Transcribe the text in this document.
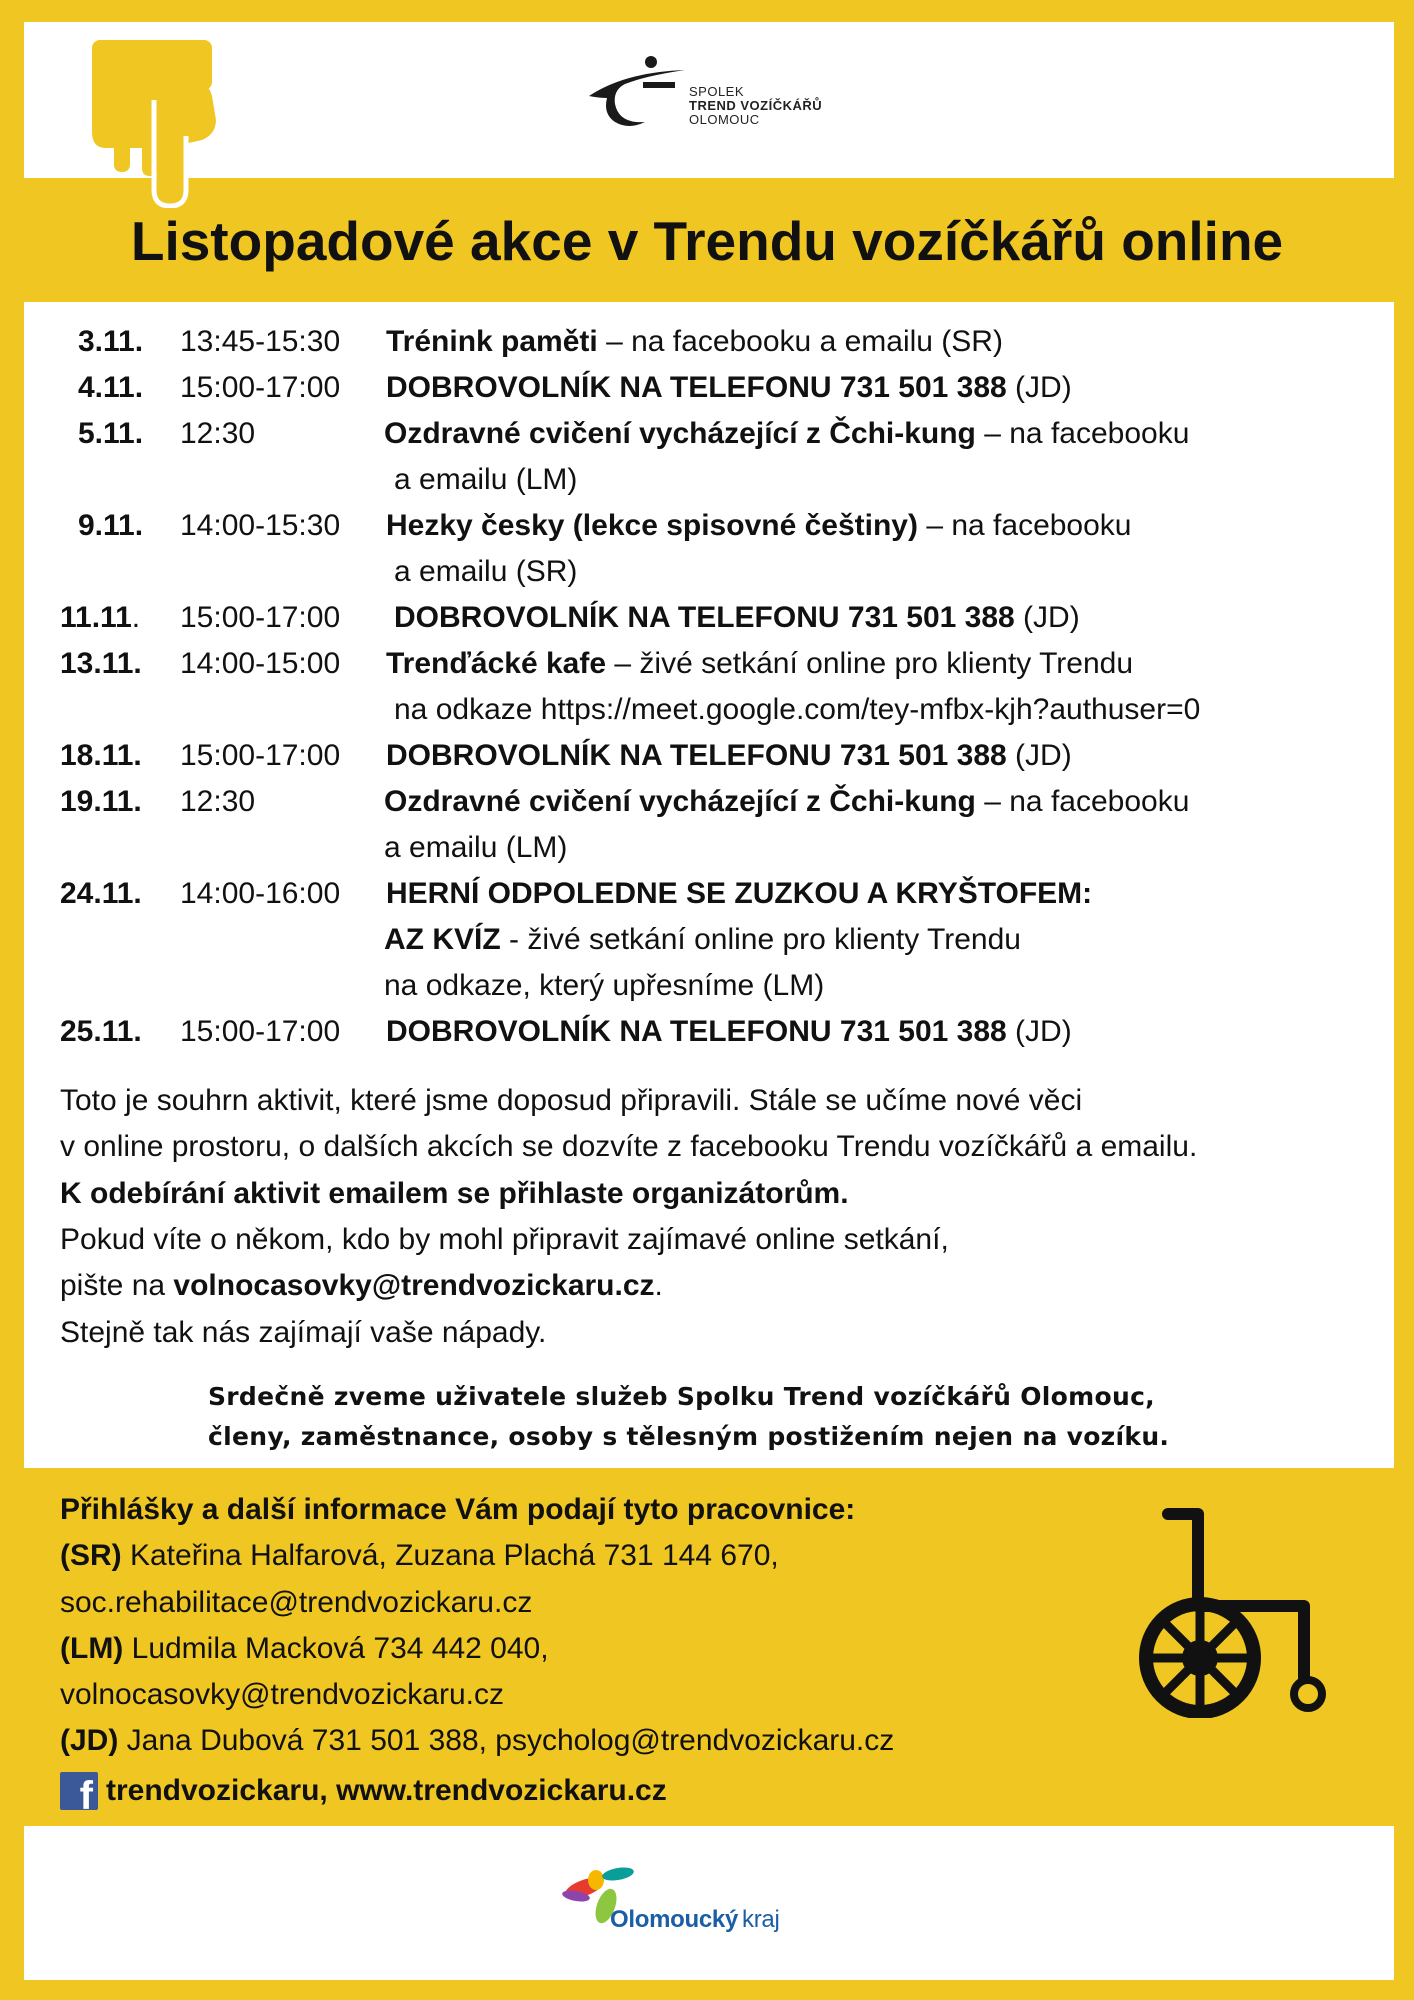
SPOLEK
TREND VOZÍČKÁŘŮ
OLOMOUC
Listopadové akce v Trendu vozíčkářů online
3.11. 13:45-15:30 Trénink paměti – na facebooku a emailu (SR)
4.11. 15:00-17:00 DOBROVOLNÍK NA TELEFONU 731 501 388 (JD)
5.11. 12:30	Ozdravné cvičení vycházející z Čchi-kung – na facebooku
a emailu (LM)
9.11. 14:00-15:30 Hezky česky (lekce spisovné češtiny) – na facebooku
a emailu (SR)
11.11. 15:00-17:00 DOBROVOLNÍK NA TELEFONU 731 501 388 (JD)
13.11. 14:00-15:00 Trenďácké kafe – živé setkání online pro klienty Trendu
na odkaze https://meet.google.com/tey-mfbx-kjh?authuser=0
18.11. 15:00-17:00 DOBROVOLNÍK NA TELEFONU 731 501 388 (JD)
19.11. 12:30	Ozdravné cvičení vycházející z Čchi-kung – na facebooku
a emailu (LM)
24.11. 14:00-16:00 HERNÍ ODPOLEDNE SE ZUZKOU A KRYŠTOFEM:
AZ KVÍZ - živé setkání online pro klienty Trendu
na odkaze, který upřesníme (LM)
25.11. 15:00-17:00 DOBROVOLNÍK NA TELEFONU 731 501 388 (JD)
Toto je souhrn aktivit, které jsme doposud připravili. Stále se učíme nové věci
v online prostoru, o dalších akcích se dozvíte z facebooku Trendu vozíčkářů a emailu.
K odebírání aktivit emailem se přihlaste organizátorům.
Pokud víte o někom, kdo by mohl připravit zajímavé online setkání,
pište na volnocasovky@trendvozickaru.cz.
Stejně tak nás zajímají vaše nápady.
Srdečně zveme uživatele služeb Spolku Trend vozíčkářů Olomouc,
členy, zaměstnance, osoby s tělesným postižením nejen na vozíku.
Přihlášky a další informace Vám podají tyto pracovnice:
(SR) Kateřina Halfarová, Zuzana Plachá 731 144 670,
soc.rehabilitace@trendvozickaru.cz
(LM) Ludmila Macková 734 442 040,
volnocasovky@trendvozickaru.cz
(JD) Jana Dubová 731 501 388, psycholog@trendvozickaru.cz
f trendvozickaru, www.trendvozickaru.cz
Olomoucký kraj
